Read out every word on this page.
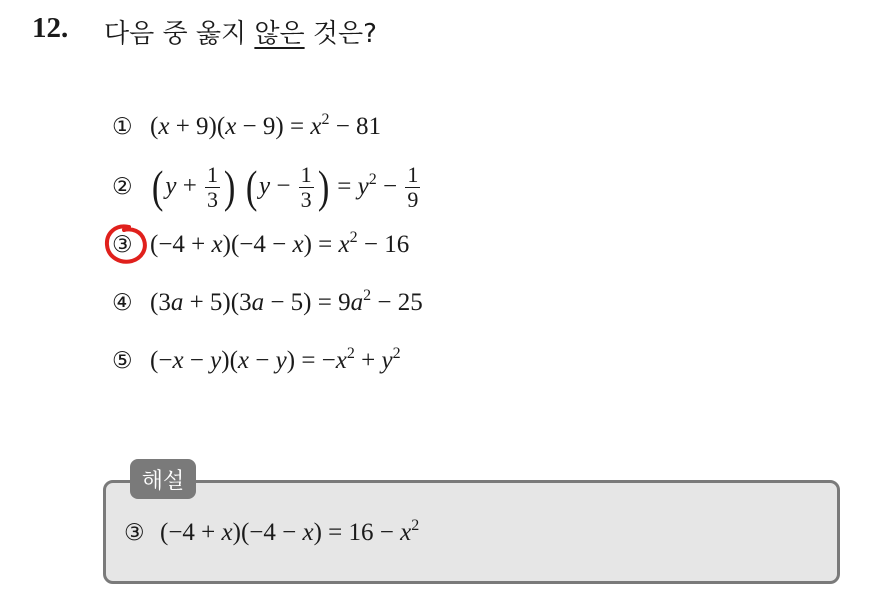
12. 다음 중 옳지 않은 것은?
① $(x + 9)(x - 9) = x^2 - 81$
② ($y + \frac{1}{3}$ ) ($y - \frac{1}{3}$ ) = $y^2 - \frac{1}{9}$
③ $(-4 + x)(-4 - x) = x^2 - 16$
④ $(3a + 5)(3a - 5) = 9a^2 - 25$
⑤ $(-x - y)(x - y) = -x^2 + y^2$
해설
③ $(-4 + x)(-4 - x) = 16 - x^2$
